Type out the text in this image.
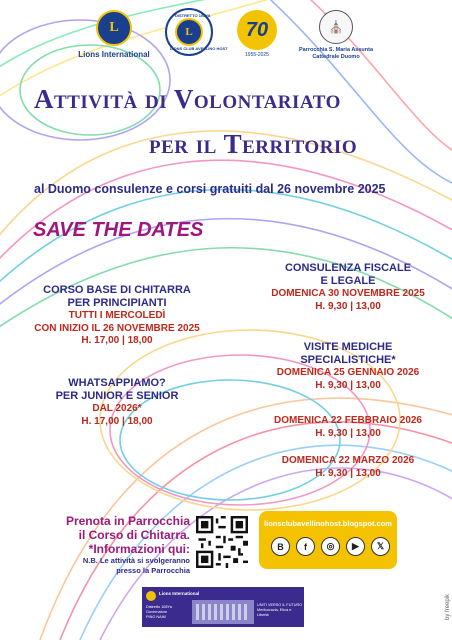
L
Lions International
DISTRETTO 108YA
L
LIONS CLUB AVELLINO HOST
70
1955-2025
⛪
Parrocchia S. Maria Assunta
Cattedrale Duomo
Attività di Volontariato
per il Territorio
al Duomo consulenze e corsi gratuiti dal 26 novembre 2025
SAVE THE DATES
CORSO BASE DI CHITARRA
PER PRINCIPIANTI
TUTTI I MERCOLEDÌ
CON INIZIO IL 26 NOVEMBRE 2025
H. 17,00 | 18,00
WHATSAPPIAMO?
PER JUNIOR E SENIOR
DAL 2026*
H. 17,00 | 18,00
CONSULENZA FISCALE
E LEGALE
DOMENICA 30 NOVEMBRE 2025
H. 9,30 | 13,00
VISITE MEDICHE
SPECIALISTICHE*
DOMENICA 25 GENNAIO 2026
H. 9,30 | 13,00
DOMENICA 22 FEBBRAIO 2026
H. 9,30 | 13,00
DOMENICA 22 MARZO 2026
H. 9,30 | 13,00
Prenota in Parrocchia
il Corso di Chitarra.
*Informazioni qui:
N.B. Le attività si svolgeranno
presso la Parrocchia
lionsclubavellinohost.blogspot.com
B	f	◎	▶	𝕏
Lions International
Distretto 108Ya
Governatore
PINO NAIM
UNITI VERSO IL FUTURO
Meritocrazia, Etica e Libertà	by freepik
